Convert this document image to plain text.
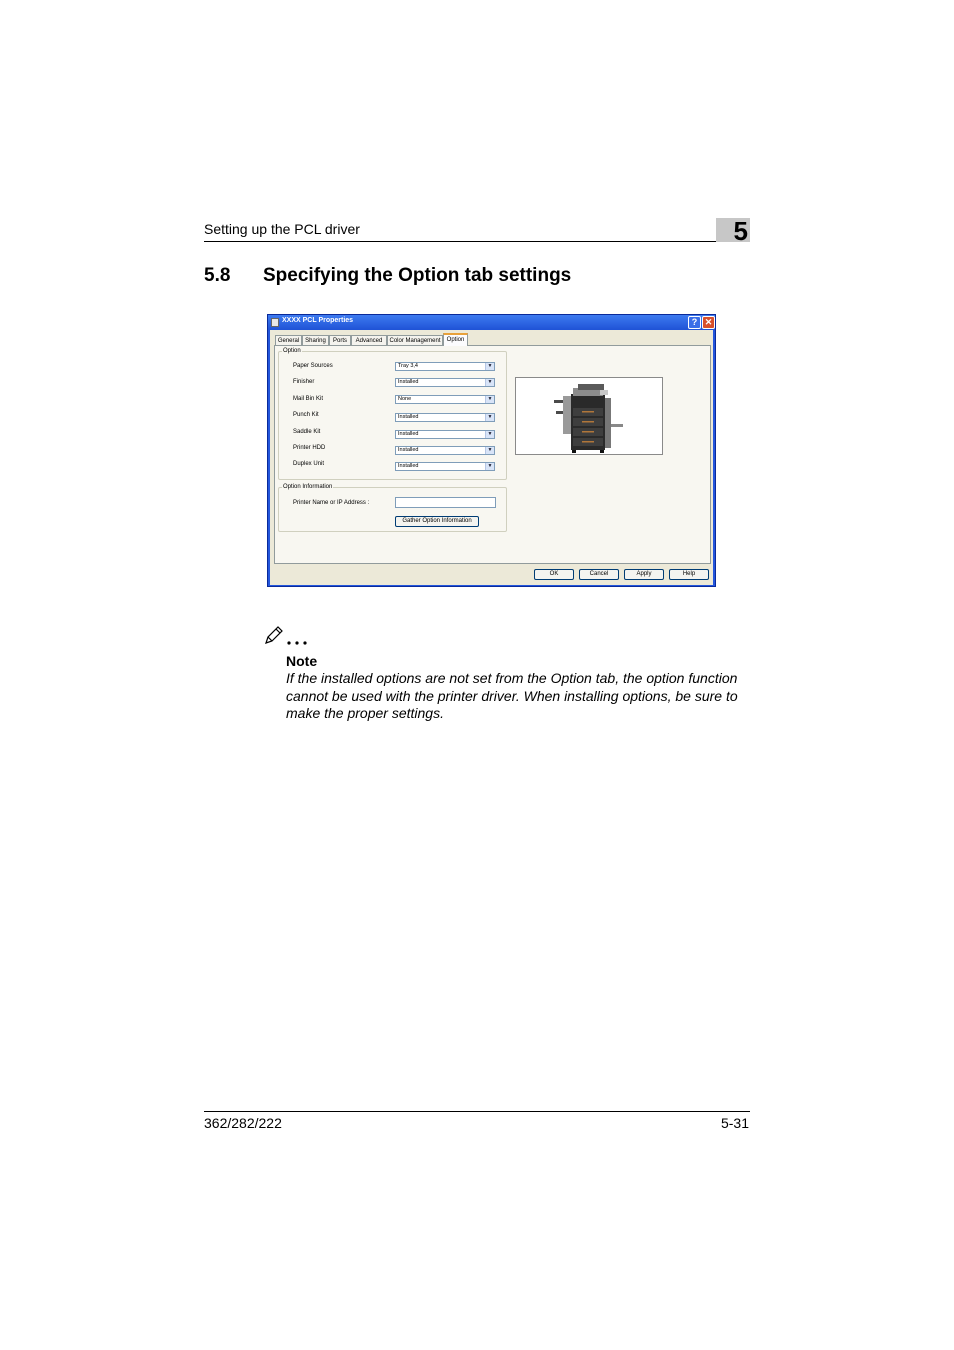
Setting up the PCL driver	5
5.8 Specifying the Option tab settings
XXXX PCL Properties	? ✕
General Sharing	Ports	Advanced	Color Management	Option
Option
Paper Sources	Tray 3,4	▼
Finisher	Installed	▼
Mail Bin Kit	None	▼
Punch Kit	Installed	▼
Saddle Kit	Installed	▼
Printer HDD	Installed	▼
Duplex Unit	Installed	▼
Option Information
Printer Name or IP Address :
Gather Option Information
OK	Cancel	Apply	Help
Note
If the installed options are not set from the Option tab, the option function cannot be used with the printer driver. When installing options, be sure to make the proper settings.
362/282/222	5-31
